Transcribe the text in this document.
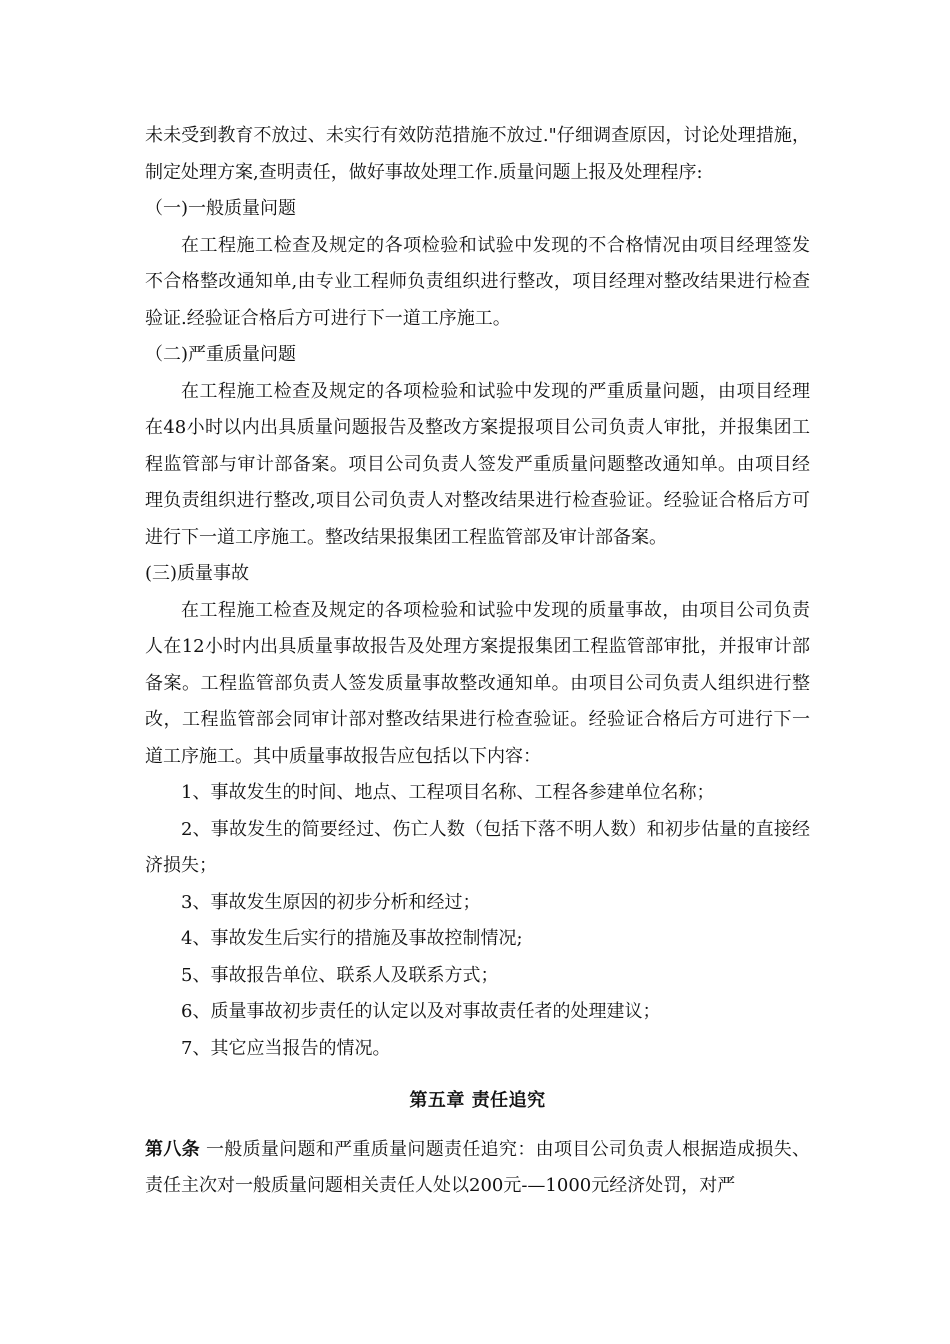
未未受到教育不放过、未实行有效防范措施不放过."仔细调查原因，讨论处理措施，制定处理方案,查明责任，做好事故处理工作.质量问题上报及处理程序:

（一)一般质量问题

在工程施工检查及规定的各项检验和试验中发现的不合格情况由项目经理签发不合格整改通知单,由专业工程师负责组织进行整改，项目经理对整改结果进行检查验证.经验证合格后方可进行下一道工序施工。

（二)严重质量问题

在工程施工检查及规定的各项检验和试验中发现的严重质量问题，由项目经理在48小时以内出具质量问题报告及整改方案提报项目公司负责人审批，并报集团工程监管部与审计部备案。项目公司负责人签发严重质量问题整改通知单。由项目经理负责组织进行整改,项目公司负责人对整改结果进行检查验证。经验证合格后方可进行下一道工序施工。整改结果报集团工程监管部及审计部备案。

(三)质量事故

在工程施工检查及规定的各项检验和试验中发现的质量事故，由项目公司负责人在12小时内出具质量事故报告及处理方案提报集团工程监管部审批，并报审计部备案。工程监管部负责人签发质量事故整改通知单。由项目公司负责人组织进行整改，工程监管部会同审计部对整改结果进行检查验证。经验证合格后方可进行下一道工序施工。其中质量事故报告应包括以下内容：

1、事故发生的时间、地点、工程项目名称、工程各参建单位名称；

2、事故发生的简要经过、伤亡人数（包括下落不明人数）和初步估量的直接经济损失；

3、事故发生原因的初步分析和经过；

4、事故发生后实行的措施及事故控制情况;

5、事故报告单位、联系人及联系方式；

6、质量事故初步责任的认定以及对事故责任者的处理建议；

7、其它应当报告的情况。

第五章 责任追究

第八条 一般质量问题和严重质量问题责任追究：由项目公司负责人根据造成损失、责任主次对一般质量问题相关责任人处以200元-—1000元经济处罚，对严
